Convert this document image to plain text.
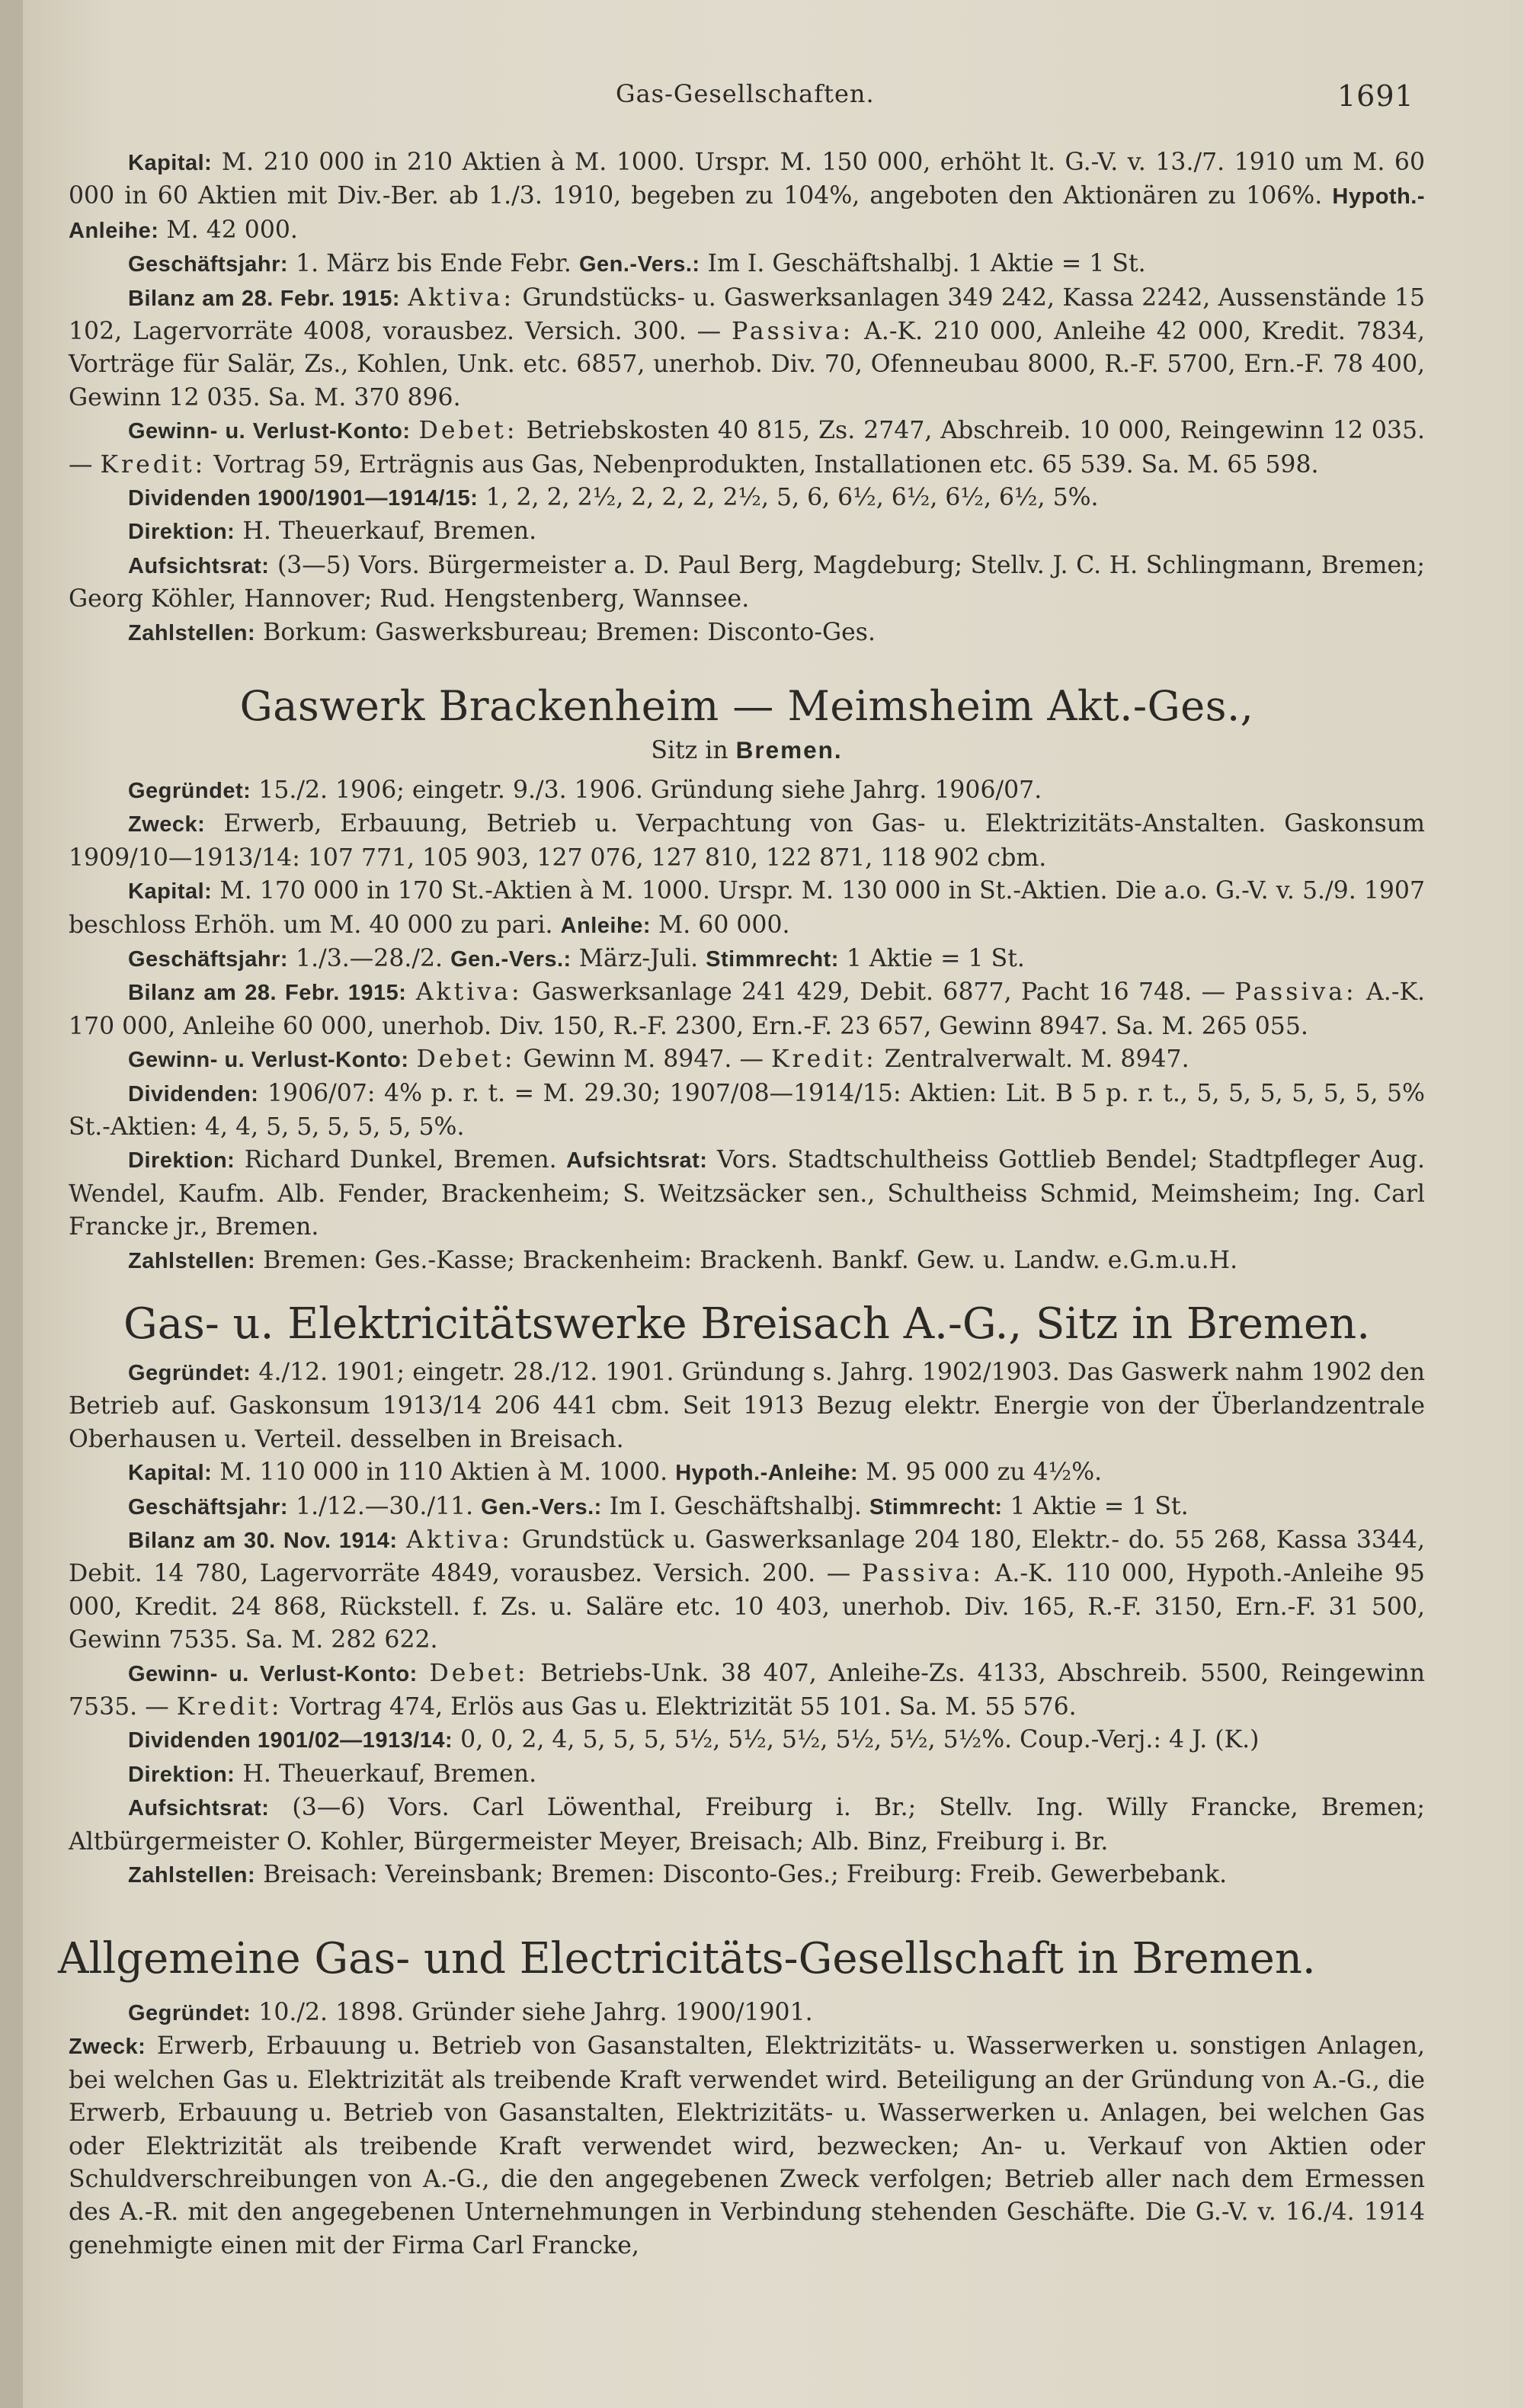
Gas-Gesellschaften.	1691

Kapital: M. 210 000 in 210 Aktien à M. 1000. Urspr. M. 150 000, erhöht lt. G.-V. v. 13./7. 1910 um M. 60 000 in 60 Aktien mit Div.-Ber. ab 1./3. 1910, begeben zu 104%, angeboten den Aktionären zu 106%. Hypoth.-Anleihe: M. 42 000.

Geschäftsjahr: 1. März bis Ende Febr. Gen.-Vers.: Im I. Geschäftshalbj. 1 Aktie = 1 St.

Bilanz am 28. Febr. 1915: Aktiva: Grundstücks- u. Gaswerksanlagen 349 242, Kassa 2242, Aussenstände 15 102, Lagervorräte 4008, vorausbez. Versich. 300. — Passiva: A.-K. 210 000, Anleihe 42 000, Kredit. 7834, Vorträge für Salär, Zs., Kohlen, Unk. etc. 6857, unerhob. Div. 70, Ofenneubau 8000, R.-F. 5700, Ern.-F. 78 400, Gewinn 12 035. Sa. M. 370 896.

Gewinn- u. Verlust-Konto: Debet: Betriebskosten 40 815, Zs. 2747, Abschreib. 10 000, Reingewinn 12 035. — Kredit: Vortrag 59, Erträgnis aus Gas, Nebenprodukten, Installationen etc. 65 539. Sa. M. 65 598.

Dividenden 1900/1901—1914/15: 1, 2, 2, 2½, 2, 2, 2, 2½, 5, 6, 6½, 6½, 6½, 6½, 5%.

Direktion: H. Theuerkauf, Bremen.

Aufsichtsrat: (3—5) Vors. Bürgermeister a. D. Paul Berg, Magdeburg; Stellv. J. C. H. Schlingmann, Bremen; Georg Köhler, Hannover; Rud. Hengstenberg, Wannsee.

Zahlstellen: Borkum: Gaswerksbureau; Bremen: Disconto-Ges.

Gaswerk Brackenheim — Meimsheim Akt.-Ges.,
Sitz in Bremen.

Gegründet: 15./2. 1906; eingetr. 9./3. 1906. Gründung siehe Jahrg. 1906/07.

Zweck: Erwerb, Erbauung, Betrieb u. Verpachtung von Gas- u. Elektrizitäts-Anstalten. Gaskonsum 1909/10—1913/14: 107 771, 105 903, 127 076, 127 810, 122 871, 118 902 cbm.

Kapital: M. 170 000 in 170 St.-Aktien à M. 1000. Urspr. M. 130 000 in St.-Aktien. Die a.o. G.-V. v. 5./9. 1907 beschloss Erhöh. um M. 40 000 zu pari. Anleihe: M. 60 000.

Geschäftsjahr: 1./3.—28./2. Gen.-Vers.: März-Juli. Stimmrecht: 1 Aktie = 1 St.

Bilanz am 28. Febr. 1915: Aktiva: Gaswerksanlage 241 429, Debit. 6877, Pacht 16 748. — Passiva: A.-K. 170 000, Anleihe 60 000, unerhob. Div. 150, R.-F. 2300, Ern.-F. 23 657, Gewinn 8947. Sa. M. 265 055.

Gewinn- u. Verlust-Konto: Debet: Gewinn M. 8947. — Kredit: Zentralverwalt. M. 8947.

Dividenden: 1906/07: 4% p. r. t. = M. 29.30; 1907/08—1914/15: Aktien: Lit. B 5 p. r. t., 5, 5, 5, 5, 5, 5, 5% St.-Aktien: 4, 4, 5, 5, 5, 5, 5, 5%.

Direktion: Richard Dunkel, Bremen. Aufsichtsrat: Vors. Stadtschultheiss Gottlieb Bendel; Stadtpfleger Aug. Wendel, Kaufm. Alb. Fender, Brackenheim; S. Weitzsäcker sen., Schultheiss Schmid, Meimsheim; Ing. Carl Francke jr., Bremen.

Zahlstellen: Bremen: Ges.-Kasse; Brackenheim: Brackenh. Bankf. Gew. u. Landw. e.G.m.u.H.

Gas- u. Elektricitätswerke Breisach A.-G., Sitz in Bremen.

Gegründet: 4./12. 1901; eingetr. 28./12. 1901. Gründung s. Jahrg. 1902/1903. Das Gaswerk nahm 1902 den Betrieb auf. Gaskonsum 1913/14 206 441 cbm. Seit 1913 Bezug elektr. Energie von der Überlandzentrale Oberhausen u. Verteil. desselben in Breisach.

Kapital: M. 110 000 in 110 Aktien à M. 1000. Hypoth.-Anleihe: M. 95 000 zu 4½%.

Geschäftsjahr: 1./12.—30./11. Gen.-Vers.: Im I. Geschäftshalbj. Stimmrecht: 1 Aktie = 1 St.

Bilanz am 30. Nov. 1914: Aktiva: Grundstück u. Gaswerksanlage 204 180, Elektr.- do. 55 268, Kassa 3344, Debit. 14 780, Lagervorräte 4849, vorausbez. Versich. 200. — Passiva: A.-K. 110 000, Hypoth.-Anleihe 95 000, Kredit. 24 868, Rückstell. f. Zs. u. Saläre etc. 10 403, unerhob. Div. 165, R.-F. 3150, Ern.-F. 31 500, Gewinn 7535. Sa. M. 282 622.

Gewinn- u. Verlust-Konto: Debet: Betriebs-Unk. 38 407, Anleihe-Zs. 4133, Abschreib. 5500, Reingewinn 7535. — Kredit: Vortrag 474, Erlös aus Gas u. Elektrizität 55 101. Sa. M. 55 576.

Dividenden 1901/02—1913/14: 0, 0, 2, 4, 5, 5, 5, 5½, 5½, 5½, 5½, 5½, 5½%. Coup.-Verj.: 4 J. (K.)

Direktion: H. Theuerkauf, Bremen.

Aufsichtsrat: (3—6) Vors. Carl Löwenthal, Freiburg i. Br.; Stellv. Ing. Willy Francke, Bremen; Altbürgermeister O. Kohler, Bürgermeister Meyer, Breisach; Alb. Binz, Freiburg i. Br.

Zahlstellen: Breisach: Vereinsbank; Bremen: Disconto-Ges.; Freiburg: Freib. Gewerbebank.

Allgemeine Gas- und Electricitäts-Gesellschaft in Bremen.

Gegründet: 10./2. 1898. Gründer siehe Jahrg. 1900/1901.

Zweck: Erwerb, Erbauung u. Betrieb von Gasanstalten, Elektrizitäts- u. Wasserwerken u. sonstigen Anlagen, bei welchen Gas u. Elektrizität als treibende Kraft verwendet wird. Beteiligung an der Gründung von A.-G., die Erwerb, Erbauung u. Betrieb von Gasanstalten, Elektrizitäts- u. Wasserwerken u. Anlagen, bei welchen Gas oder Elektrizität als treibende Kraft verwendet wird, bezwecken; An- u. Verkauf von Aktien oder Schuldverschreibungen von A.-G., die den angegebenen Zweck verfolgen; Betrieb aller nach dem Ermessen des A.-R. mit den angegebenen Unternehmungen in Verbindung stehenden Geschäfte. Die G.-V. v. 16./4. 1914 genehmigte einen mit der Firma Carl Francke,
